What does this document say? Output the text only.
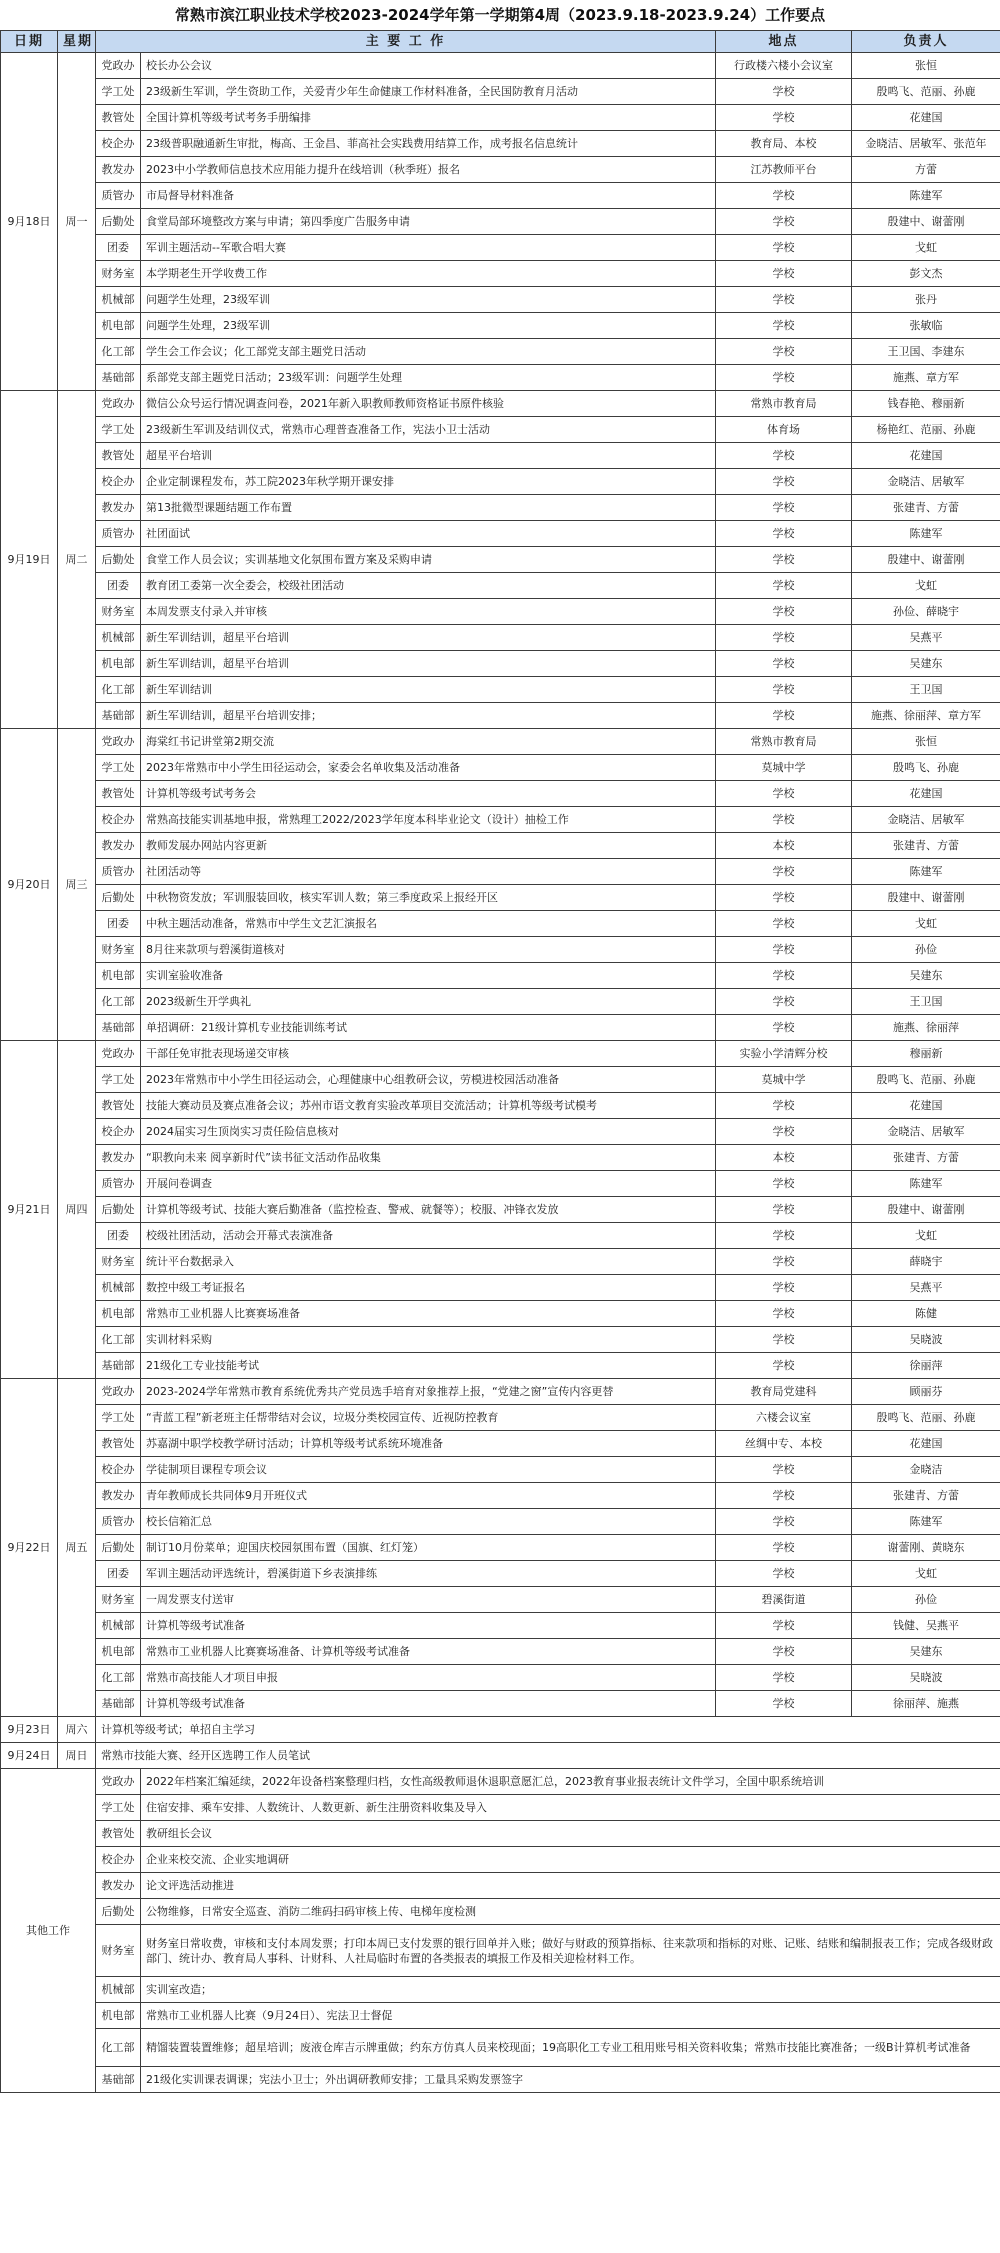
常熟市滨江职业技术学校2023-2024学年第一学期第4周（2023.9.18-2023.9.24）工作要点
日期	星期	主 要 工 作		地点	负责人
9月18日	周一	党政办	校长办公会议	行政楼六楼小会议室	张恒
		学工处	23级新生军训，学生资助工作，关爱青少年生命健康工作材料准备，全民国防教育月活动	学校	殷鸣飞、范丽、孙鹿
		教管处	全国计算机等级考试考务手册编排	学校	花建国
		校企办	23级普职融通新生审批，梅高、王金昌、菲高社会实践费用结算工作，成考报名信息统计	教育局、本校	金晓洁、居敏军、张范年
		教发办	2023中小学教师信息技术应用能力提升在线培训（秋季班）报名	江苏教师平台	方蕾
		质管办	市局督导材料准备	学校	陈建军
		后勤处	食堂局部环境整改方案与申请；第四季度广告服务申请	学校	殷建中、谢蕾刚
		团委	军训主题活动--军歌合唱大赛	学校	戈虹
		财务室	本学期老生开学收费工作	学校	彭文杰
		机械部	问题学生处理，23级军训	学校	张丹
		机电部	问题学生处理，23级军训	学校	张敏临
		化工部	学生会工作会议；化工部党支部主题党日活动	学校	王卫国、李建东
		基础部	系部党支部主题党日活动；23级军训：问题学生处理	学校	施燕、章方军
9月19日	周二	党政办	微信公众号运行情况调查问卷，2021年新入职教师教师资格证书原件核验	常熟市教育局	钱春艳、穆丽新
		学工处	23级新生军训及结训仪式，常熟市心理普查准备工作，宪法小卫士活动	体育场	杨艳红、范丽、孙鹿
		教管处	超星平台培训	学校	花建国
		校企办	企业定制课程发布，苏工院2023年秋学期开课安排	学校	金晓洁、居敏军
		教发办	第13批微型课题结题工作布置	学校	张建青、方蕾
		质管办	社团面试	学校	陈建军
		后勤处	食堂工作人员会议；实训基地文化氛围布置方案及采购申请	学校	殷建中、谢蕾刚
		团委	教育团工委第一次全委会，校级社团活动	学校	戈虹
		财务室	本周发票支付录入并审核	学校	孙俭、薛晓宇
		机械部	新生军训结训，超星平台培训	学校	吴燕平
		机电部	新生军训结训，超星平台培训	学校	吴建东
		化工部	新生军训结训	学校	王卫国
		基础部	新生军训结训，超星平台培训安排；	学校	施燕、徐丽萍、章方军
9月20日	周三	党政办	海棠红书记讲堂第2期交流	常熟市教育局	张恒
		学工处	2023年常熟市中小学生田径运动会，家委会名单收集及活动准备	莫城中学	殷鸣飞、孙鹿
		教管处	计算机等级考试考务会	学校	花建国
		校企办	常熟高技能实训基地申报，常熟理工2022/2023学年度本科毕业论文（设计）抽检工作	学校	金晓洁、居敏军
		教发办	教师发展办网站内容更新	本校	张建青、方蕾
		质管办	社团活动等	学校	陈建军
		后勤处	中秋物资发放；军训服装回收，核实军训人数；第三季度政采上报经开区	学校	殷建中、谢蕾刚
		团委	中秋主题活动准备，常熟市中学生文艺汇演报名	学校	戈虹
		财务室	8月往来款项与碧溪街道核对	学校	孙俭
		机电部	实训室验收准备	学校	吴建东
		化工部	2023级新生开学典礼	学校	王卫国
		基础部	单招调研：21级计算机专业技能训练考试	学校	施燕、徐丽萍
9月21日	周四	党政办	干部任免审批表现场递交审核	实验小学清辉分校	穆丽新
		学工处	2023年常熟市中小学生田径运动会，心理健康中心组教研会议，劳模进校园活动准备	莫城中学	殷鸣飞、范丽、孙鹿
		教管处	技能大赛动员及赛点准备会议；苏州市语文教育实验改革项目交流活动；计算机等级考试模考	学校	花建国
		校企办	2024届实习生顶岗实习责任险信息核对	学校	金晓洁、居敏军
		教发办	“职教向未来 阅享新时代”读书征文活动作品收集	本校	张建青、方蕾
		质管办	开展问卷调查	学校	陈建军
		后勤处	计算机等级考试、技能大赛后勤准备（监控检查、警戒、就餐等）；校服、冲锋衣发放	学校	殷建中、谢蕾刚
		团委	校级社团活动，活动会开幕式表演准备	学校	戈虹
		财务室	统计平台数据录入	学校	薛晓宇
		机械部	数控中级工考证报名	学校	吴燕平
		机电部	常熟市工业机器人比赛赛场准备	学校	陈健
		化工部	实训材料采购	学校	吴晓波
		基础部	21级化工专业技能考试	学校	徐丽萍
9月22日	周五	党政办	2023-2024学年常熟市教育系统优秀共产党员选手培育对象推荐上报，“党建之窗”宣传内容更替	教育局党建科	顾丽芬
		学工处	“青蓝工程”新老班主任帮带结对会议，垃圾分类校园宣传、近视防控教育	六楼会议室	殷鸣飞、范丽、孙鹿
		教管处	苏嘉湖中职学校教学研讨活动；计算机等级考试系统环境准备	丝绸中专、本校	花建国
		校企办	学徒制项目课程专项会议	学校	金晓洁
		教发办	青年教师成长共同体9月开班仪式	学校	张建青、方蕾
		质管办	校长信箱汇总	学校	陈建军
		后勤处	制订10月份菜单；迎国庆校园氛围布置（国旗、红灯笼）	学校	谢蕾刚、黄晓东
		团委	军训主题活动评选统计，碧溪街道下乡表演排练	学校	戈虹
		财务室	一周发票支付送审	碧溪街道	孙俭
		机械部	计算机等级考试准备	学校	钱健、吴燕平
		机电部	常熟市工业机器人比赛赛场准备、计算机等级考试准备	学校	吴建东
		化工部	常熟市高技能人才项目申报	学校	吴晓波
		基础部	计算机等级考试准备	学校	徐丽萍、施燕
9月23日	周六	计算机等级考试；单招自主学习			
9月24日	周日	常熟市技能大赛、经开区选聘工作人员笔试			
其他工作		党政办	2022年档案汇编延续，2022年设备档案整理归档，女性高级教师退休退职意愿汇总，2023教育事业报表统计文件学习，全国中职系统培训		
		学工处	住宿安排、乘车安排、人数统计、人数更新、新生注册资料收集及导入		
		教管处	教研组长会议		
		校企办	企业来校交流、企业实地调研		
		教发办	论文评选活动推进		
		后勤处	公物维修，日常安全巡查、消防二维码扫码审核上传、电梯年度检测		
		财务室	财务室日常收费，审核和支付本周发票；打印本周已支付发票的银行回单并入账；做好与财政的预算指标、往来款项和指标的对账、记账、结账和编制报表工作；完成各级财政部门、统计办、教育局人事科、计财科、人社局临时布置的各类报表的填报工作及相关迎检材料工作。		
		机械部	实训室改造；		
		机电部	常熟市工业机器人比赛（9月24日）、宪法卫士督促		
		化工部	精馏装置装置维修；超星培训；废液仓库吉示牌重做；约东方仿真人员来校现面；19高职化工专业工租用账号相关资料收集；常熟市技能比赛准备；一级B计算机考试准备		
		基础部	21级化实训课表调课；宪法小卫士；外出调研教师安排；工量具采购发票签字		
